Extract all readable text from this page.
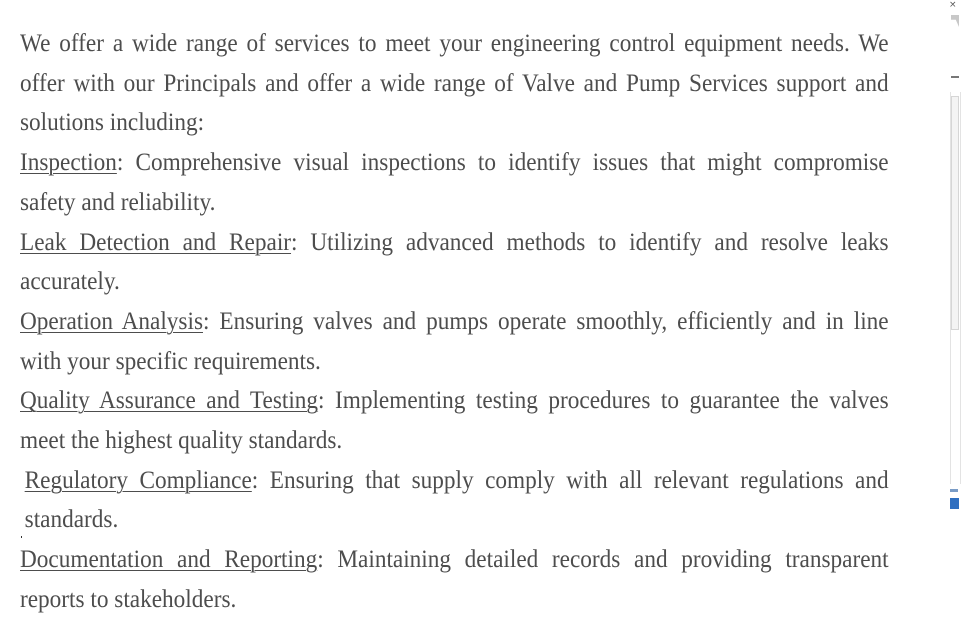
We offer a wide range of services to meet your engineering control equipment needs. We offer with our Principals and offer a wide range of Valve and Pump Services support and solutions including:

Inspection: Comprehensive visual inspections to identify issues that might compromise safety and reliability.

Leak Detection and Repair: Utilizing advanced methods to identify and resolve leaks accurately.

Operation Analysis: Ensuring valves and pumps operate smoothly, efficiently and in line with your specific requirements.

Quality Assurance and Testing: Implementing testing procedures to guarantee the valves meet the highest quality standards.

Regulatory Compliance: Ensuring that supply comply with all relevant regulations and standards.

Documentation and Reporting: Maintaining detailed records and providing transparent reports to stakeholders.

×
